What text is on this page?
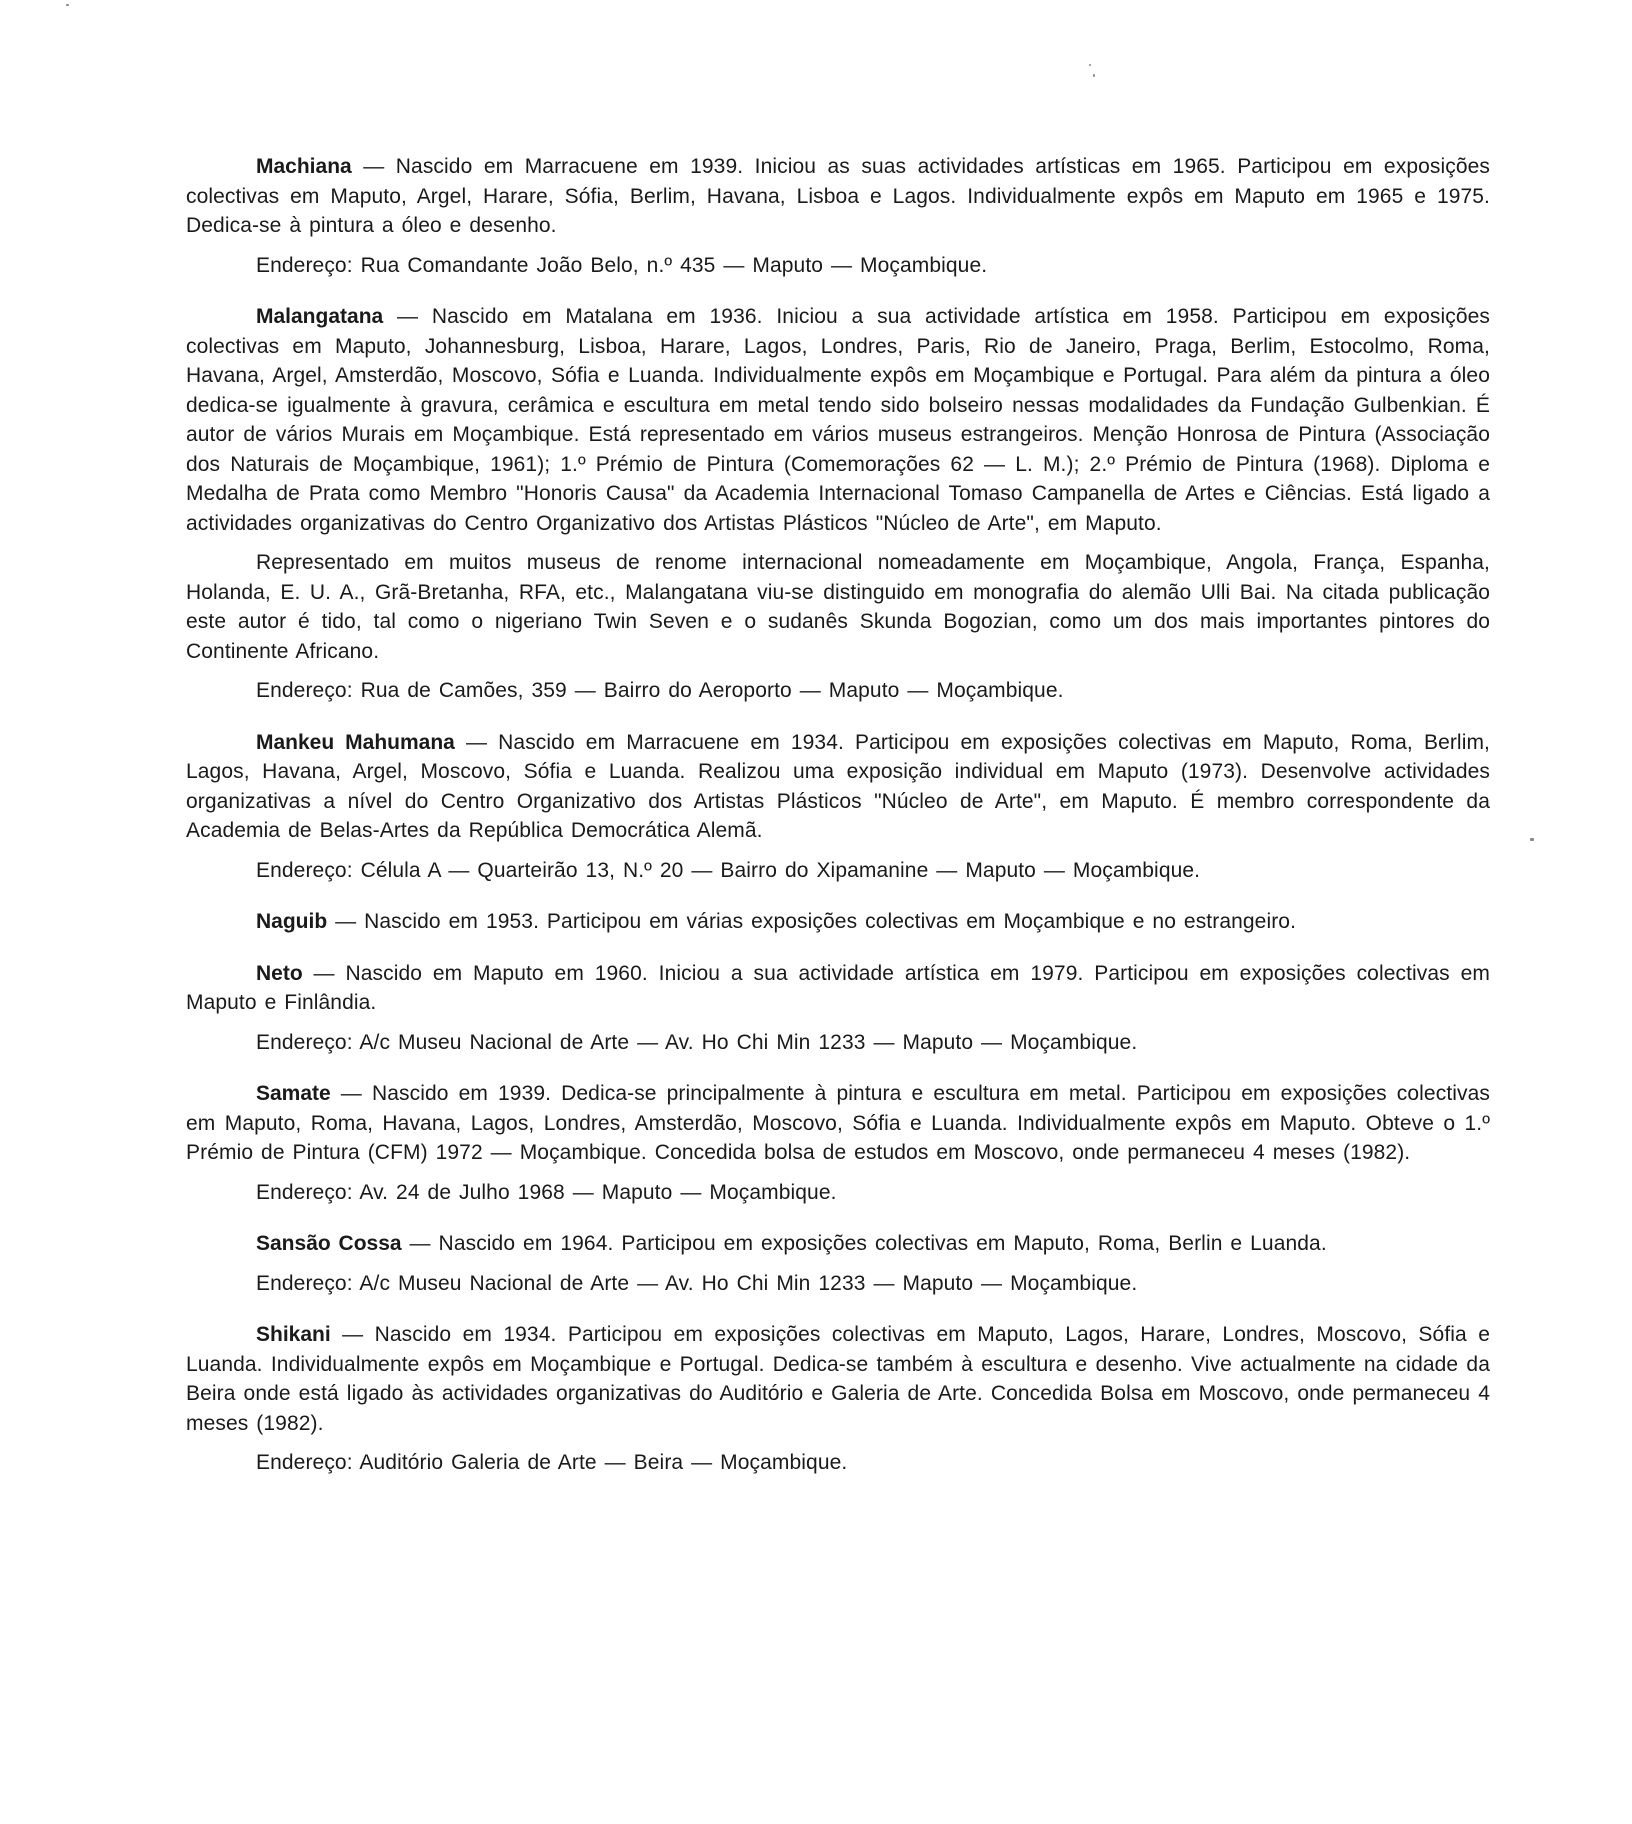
Machiana — Nascido em Marracuene em 1939. Iniciou as suas actividades artísticas em 1965. Participou em exposições colectivas em Maputo, Argel, Harare, Sófia, Berlim, Havana, Lisboa e Lagos. Individualmente expôs em Maputo em 1965 e 1975. Dedica-se à pintura a óleo e desenho.

Endereço: Rua Comandante João Belo, n.º 435 — Maputo — Moçambique.

Malangatana — Nascido em Matalana em 1936. Iniciou a sua actividade artística em 1958. Participou em exposições colectivas em Maputo, Johannesburg, Lisboa, Harare, Lagos, Londres, Paris, Rio de Janeiro, Praga, Berlim, Estocolmo, Roma, Havana, Argel, Amsterdão, Moscovo, Sófia e Luanda. Individualmente expôs em Moçambique e Portugal. Para além da pintura a óleo dedica-se igualmente à gravura, cerâmica e escultura em metal tendo sido bolseiro nessas modalidades da Fundação Gulbenkian. É autor de vários Murais em Moçambique. Está representado em vários museus estrangeiros. Menção Honrosa de Pintura (Associação dos Naturais de Moçambique, 1961); 1.º Prémio de Pintura (Comemorações 62 — L. M.); 2.º Prémio de Pintura (1968). Diploma e Medalha de Prata como Membro "Honoris Causa" da Academia Internacional Tomaso Campanella de Artes e Ciências. Está ligado a actividades organizativas do Centro Organizativo dos Artistas Plásticos "Núcleo de Arte", em Maputo.

Representado em muitos museus de renome internacional nomeadamente em Moçambique, Angola, França, Espanha, Holanda, E. U. A., Grã-Bretanha, RFA, etc., Malangatana viu-se distinguido em monografia do alemão Ulli Bai. Na citada publicação este autor é tido, tal como o nigeriano Twin Seven e o sudanês Skunda Bogozian, como um dos mais importantes pintores do Continente Africano.

Endereço: Rua de Camões, 359 — Bairro do Aeroporto — Maputo — Moçambique.

Mankeu Mahumana — Nascido em Marracuene em 1934. Participou em exposições colectivas em Maputo, Roma, Berlim, Lagos, Havana, Argel, Moscovo, Sófia e Luanda. Realizou uma exposição individual em Maputo (1973). Desenvolve actividades organizativas a nível do Centro Organizativo dos Artistas Plásticos "Núcleo de Arte", em Maputo. É membro correspondente da Academia de Belas-Artes da República Democrática Alemã.

Endereço: Célula A — Quarteirão 13, N.º 20 — Bairro do Xipamanine — Maputo — Moçambique.

Naguib — Nascido em 1953. Participou em várias exposições colectivas em Moçambique e no estrangeiro.

Neto — Nascido em Maputo em 1960. Iniciou a sua actividade artística em 1979. Participou em exposições colectivas em Maputo e Finlândia.

Endereço: A/c Museu Nacional de Arte — Av. Ho Chi Min 1233 — Maputo — Moçambique.

Samate — Nascido em 1939. Dedica-se principalmente à pintura e escultura em metal. Participou em exposições colectivas em Maputo, Roma, Havana, Lagos, Londres, Amsterdão, Moscovo, Sófia e Luanda. Individualmente expôs em Maputo. Obteve o 1.º Prémio de Pintura (CFM) 1972 — Moçambique. Concedida bolsa de estudos em Moscovo, onde permaneceu 4 meses (1982).

Endereço: Av. 24 de Julho 1968 — Maputo — Moçambique.

Sansão Cossa — Nascido em 1964. Participou em exposições colectivas em Maputo, Roma, Berlin e Luanda.

Endereço: A/c Museu Nacional de Arte — Av. Ho Chi Min 1233 — Maputo — Moçambique.

Shikani — Nascido em 1934. Participou em exposições colectivas em Maputo, Lagos, Harare, Londres, Moscovo, Sófia e Luanda. Individualmente expôs em Moçambique e Portugal. Dedica-se também à escultura e desenho. Vive actualmente na cidade da Beira onde está ligado às actividades organizativas do Auditório e Galeria de Arte. Concedida Bolsa em Moscovo, onde permaneceu 4 meses (1982).

Endereço: Auditório Galeria de Arte — Beira — Moçambique.
